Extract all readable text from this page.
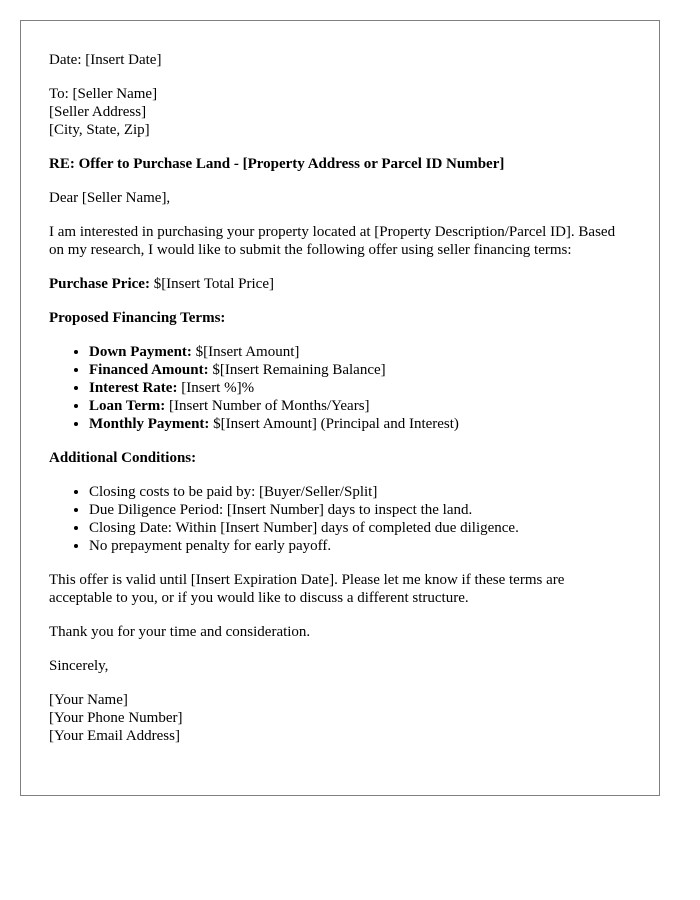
Date: [Insert Date]

To: [Seller Name]
[Seller Address]
[City, State, Zip]

RE: Offer to Purchase Land - [Property Address or Parcel ID Number]

Dear [Seller Name],

I am interested in purchasing your property located at [Property Description/Parcel ID]. Based on my research, I would like to submit the following offer using seller financing terms:

Purchase Price: $[Insert Total Price]

Proposed Financing Terms:

• Down Payment: $[Insert Amount]
• Financed Amount: $[Insert Remaining Balance]
• Interest Rate: [Insert %]%
• Loan Term: [Insert Number of Months/Years]
• Monthly Payment: $[Insert Amount] (Principal and Interest)

Additional Conditions:

• Closing costs to be paid by: [Buyer/Seller/Split]
• Due Diligence Period: [Insert Number] days to inspect the land.
• Closing Date: Within [Insert Number] days of completed due diligence.
• No prepayment penalty for early payoff.

This offer is valid until [Insert Expiration Date]. Please let me know if these terms are acceptable to you, or if you would like to discuss a different structure.

Thank you for your time and consideration.

Sincerely,

[Your Name]
[Your Phone Number]
[Your Email Address]
